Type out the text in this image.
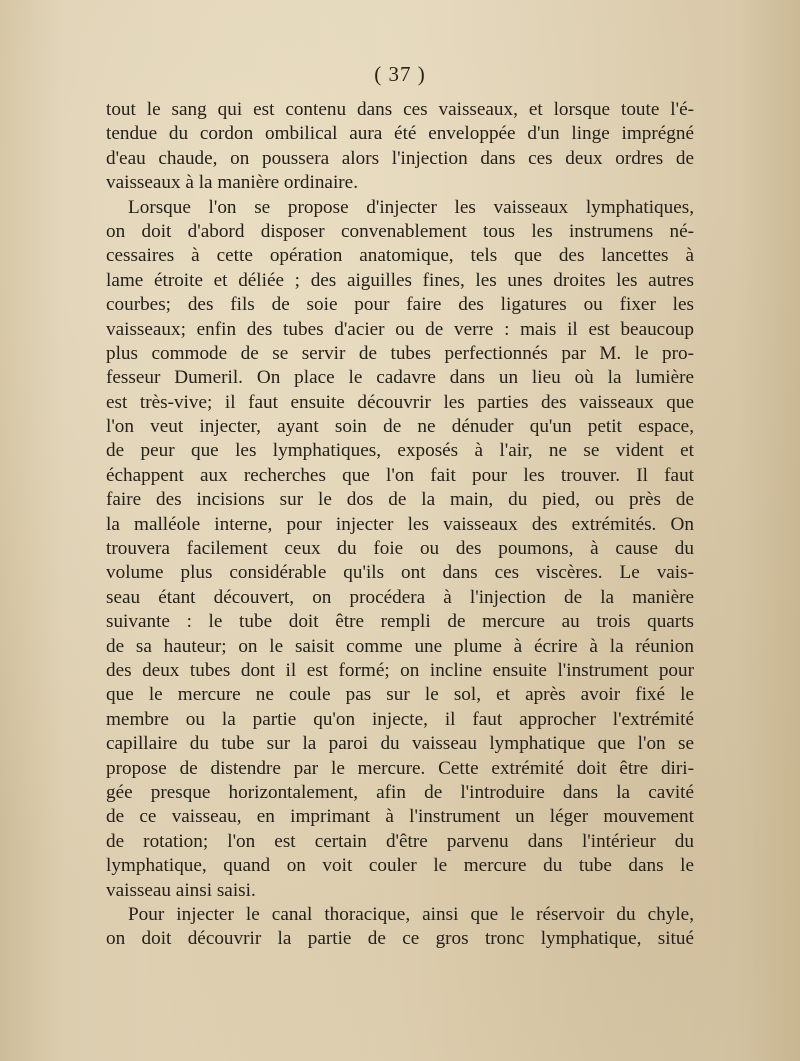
( 37 )
tout le sang qui est contenu dans ces vaisseaux, et lorsque toute l'é-
tendue du cordon ombilical aura été enveloppée d'un linge imprégné
d'eau chaude, on poussera alors l'injection dans ces deux ordres de
vaisseaux à la manière ordinaire.
Lorsque l'on se propose d'injecter les vaisseaux lymphatiques,
on doit d'abord disposer convenablement tous les instrumens né-
cessaires à cette opération anatomique, tels que des lancettes à
lame étroite et déliée ; des aiguilles fines, les unes droites les autres
courbes; des fils de soie pour faire des ligatures ou fixer les
vaisseaux; enfin des tubes d'acier ou de verre : mais il est beaucoup
plus commode de se servir de tubes perfectionnés par M. le pro-
fesseur Dumeril. On place le cadavre dans un lieu où la lumière
est très-vive; il faut ensuite découvrir les parties des vaisseaux que
l'on veut injecter, ayant soin de ne dénuder qu'un petit espace,
de peur que les lymphatiques, exposés à l'air, ne se vident et
échappent aux recherches que l'on fait pour les trouver. Il faut
faire des incisions sur le dos de la main, du pied, ou près de
la malléole interne, pour injecter les vaisseaux des extrémités. On
trouvera facilement ceux du foie ou des poumons, à cause du
volume plus considérable qu'ils ont dans ces viscères. Le vais-
seau étant découvert, on procédera à l'injection de la manière
suivante : le tube doit être rempli de mercure au trois quarts
de sa hauteur; on le saisit comme une plume à écrire à la réunion
des deux tubes dont il est formé; on incline ensuite l'instrument pour
que le mercure ne coule pas sur le sol, et après avoir fixé le
membre ou la partie qu'on injecte, il faut approcher l'extrémité
capillaire du tube sur la paroi du vaisseau lymphatique que l'on se
propose de distendre par le mercure. Cette extrémité doit être diri-
gée presque horizontalement, afin de l'introduire dans la cavité
de ce vaisseau, en imprimant à l'instrument un léger mouvement
de rotation; l'on est certain d'être parvenu dans l'intérieur du
lymphatique, quand on voit couler le mercure du tube dans le
vaisseau ainsi saisi.
Pour injecter le canal thoracique, ainsi que le réservoir du chyle,
on doit découvrir la partie de ce gros tronc lymphatique, situé
